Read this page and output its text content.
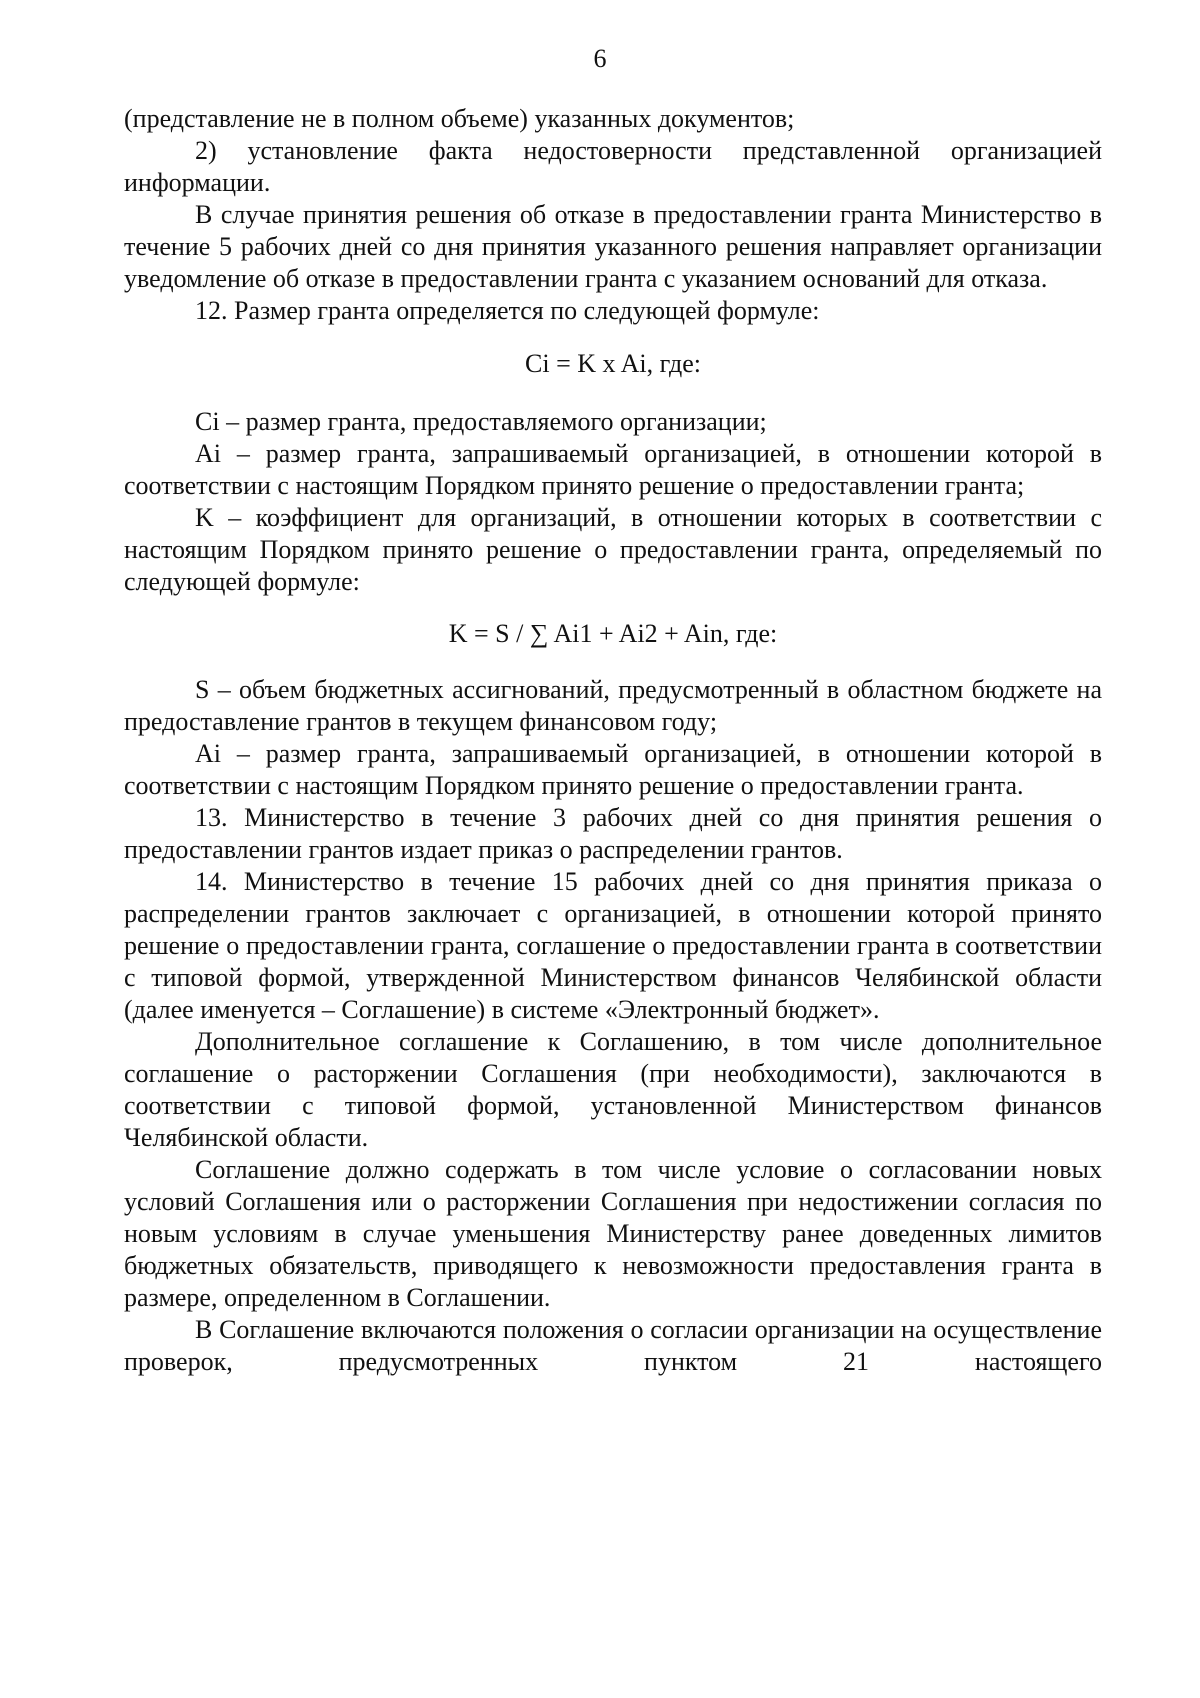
6

(представление не в полном объеме) указанных документов;

2) установление факта недостоверности представленной организацией информации.

В случае принятия решения об отказе в предоставлении гранта Министерство в течение 5 рабочих дней со дня принятия указанного решения направляет организации уведомление об отказе в предоставлении гранта с указанием оснований для отказа.

12. Размер гранта определяется по следующей формуле:

Ci = K x Ai, где:

Ci – размер гранта, предоставляемого организации;

Ai – размер гранта, запрашиваемый организацией, в отношении которой в соответствии с настоящим Порядком принято решение о предоставлении гранта;

K – коэффициент для организаций, в отношении которых в соответствии с настоящим Порядком принято решение о предоставлении гранта, определяемый по следующей формуле:

K = S / ∑ Ai1 + Ai2 + Ain, где:

S – объем бюджетных ассигнований, предусмотренный в областном бюджете на предоставление грантов в текущем финансовом году;

Ai – размер гранта, запрашиваемый организацией, в отношении которой в соответствии с настоящим Порядком принято решение о предоставлении гранта.

13. Министерство в течение 3 рабочих дней со дня принятия решения о предоставлении грантов издает приказ о распределении грантов.

14. Министерство в течение 15 рабочих дней со дня принятия приказа о распределении грантов заключает с организацией, в отношении которой принято решение о предоставлении гранта, соглашение о предоставлении гранта в соответствии с типовой формой, утвержденной Министерством финансов Челябинской области (далее именуется – Соглашение) в системе «Электронный бюджет».

Дополнительное соглашение к Соглашению, в том числе дополнительное соглашение о расторжении Соглашения (при необходимости), заключаются в соответствии с типовой формой, установленной Министерством финансов Челябинской области.

Соглашение должно содержать в том числе условие о согласовании новых условий Соглашения или о расторжении Соглашения при недостижении согласия по новым условиям в случае уменьшения Министерству ранее доведенных лимитов бюджетных обязательств, приводящего к невозможности предоставления гранта в размере, определенном в Соглашении.

В Соглашение включаются положения о согласии организации на осуществление проверок, предусмотренных пунктом 21 настоящего
